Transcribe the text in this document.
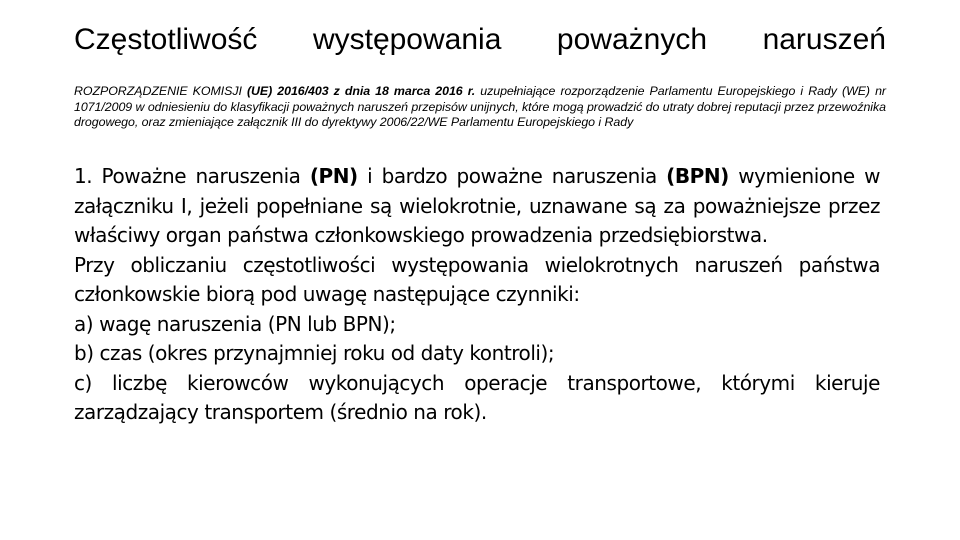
Częstotliwość występowania poważnych naruszeń
ROZPORZĄDZENIE KOMISJI (UE) 2016/403 z dnia 18 marca 2016 r. uzupełniające rozporządzenie Parlamentu Europejskiego i Rady (WE) nr 1071/2009 w odniesieniu do klasyfikacji poważnych naruszeń przepisów unijnych, które mogą prowadzić do utraty dobrej reputacji przez przewoźnika drogowego, oraz zmieniające załącznik III do dyrektywy 2006/22/WE Parlamentu Europejskiego i Rady

1. Poważne naruszenia (PN) i bardzo poważne naruszenia (BPN) wymienione w załączniku I, jeżeli popełniane są wielokrotnie, uznawane są za poważniejsze przez właściwy organ państwa członkowskiego prowadzenia przedsiębiorstwa.

Przy obliczaniu częstotliwości występowania wielokrotnych naruszeń państwa członkowskie biorą pod uwagę następujące czynniki:

a) wagę naruszenia (PN lub BPN);

b) czas (okres przynajmniej roku od daty kontroli);

c) liczbę kierowców wykonujących operacje transportowe, którymi kieruje zarządzający transportem (średnio na rok).
